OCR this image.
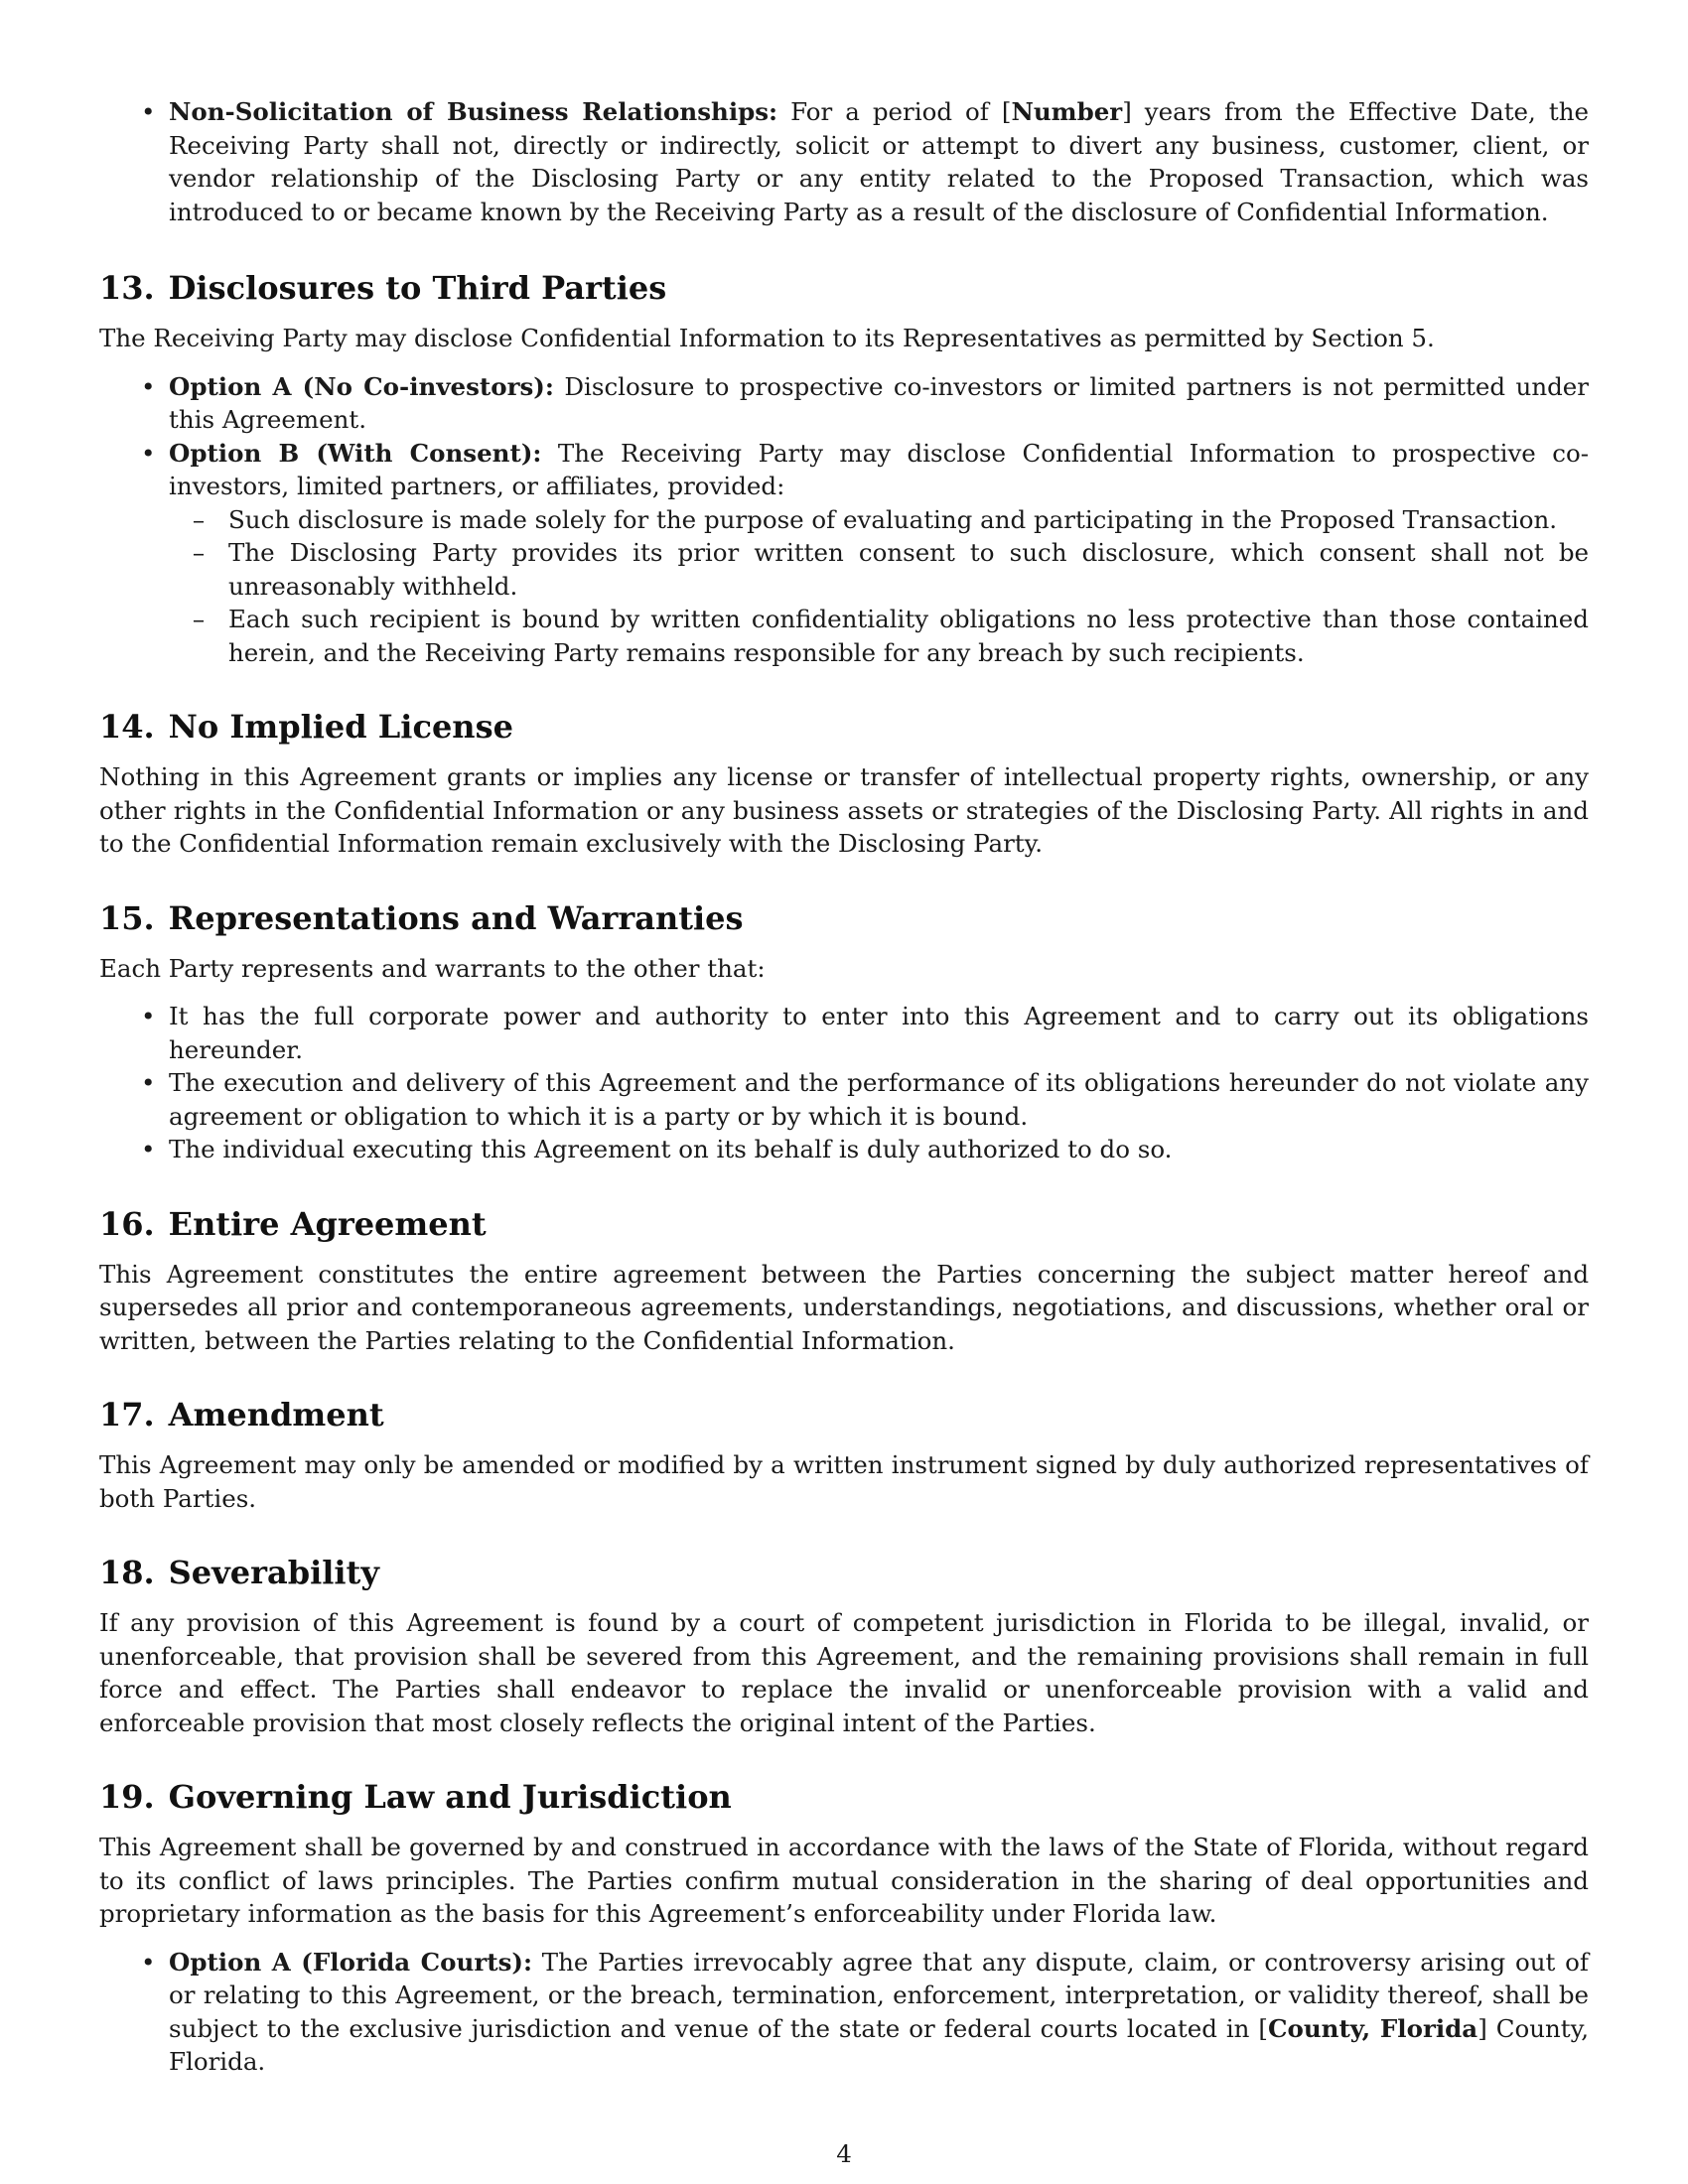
• Non-Solicitation of Business Relationships: For a period of [Number] years from the Effective Date, the Receiving Party shall not, directly or indirectly, solicit or attempt to divert any business, customer, client, or vendor relationship of the Disclosing Party or any entity related to the Proposed Transaction, which was introduced to or became known by the Receiving Party as a result of the disclosure of Confidential Information.
13. Disclosures to Third Parties

The Receiving Party may disclose Confidential Information to its Representatives as permitted by Section 5.

• Option A (No Co-investors): Disclosure to prospective co-investors or limited partners is not permitted under this Agreement.
• Option B (With Consent): The Receiving Party may disclose Confidential Information to prospective co-investors, limited partners, or affiliates, provided:
– Such disclosure is made solely for the purpose of evaluating and participating in the Proposed Transaction.
– The Disclosing Party provides its prior written consent to such disclosure, which consent shall not be unreasonably withheld.
– Each such recipient is bound by written confidentiality obligations no less protective than those contained herein, and the Receiving Party remains responsible for any breach by such recipients.
14. No Implied License

Nothing in this Agreement grants or implies any license or transfer of intellectual property rights, ownership, or any other rights in the Confidential Information or any business assets or strategies of the Disclosing Party. All rights in and to the Confidential Information remain exclusively with the Disclosing Party.

15. Representations and Warranties

Each Party represents and warrants to the other that:

• It has the full corporate power and authority to enter into this Agreement and to carry out its obligations hereunder.
• The execution and delivery of this Agreement and the performance of its obligations hereunder do not violate any agreement or obligation to which it is a party or by which it is bound.
• The individual executing this Agreement on its behalf is duly authorized to do so.
16. Entire Agreement

This Agreement constitutes the entire agreement between the Parties concerning the subject matter hereof and supersedes all prior and contemporaneous agreements, understandings, negotiations, and discussions, whether oral or written, between the Parties relating to the Confidential Information.

17. Amendment

This Agreement may only be amended or modified by a written instrument signed by duly authorized representatives of both Parties.

18. Severability

If any provision of this Agreement is found by a court of competent jurisdiction in Florida to be illegal, invalid, or unenforceable, that provision shall be severed from this Agreement, and the remaining provisions shall remain in full force and effect. The Parties shall endeavor to replace the invalid or unenforceable provision with a valid and enforceable provision that most closely reflects the original intent of the Parties.

19. Governing Law and Jurisdiction

This Agreement shall be governed by and construed in accordance with the laws of the State of Florida, without regard to its conflict of laws principles. The Parties confirm mutual consideration in the sharing of deal opportunities and proprietary information as the basis for this Agreement’s enforceability under Florida law.

• Option A (Florida Courts): The Parties irrevocably agree that any dispute, claim, or controversy arising out of or relating to this Agreement, or the breach, termination, enforcement, interpretation, or validity thereof, shall be subject to the exclusive jurisdiction and venue of the state or federal courts located in [County, Florida] County, Florida.
4
